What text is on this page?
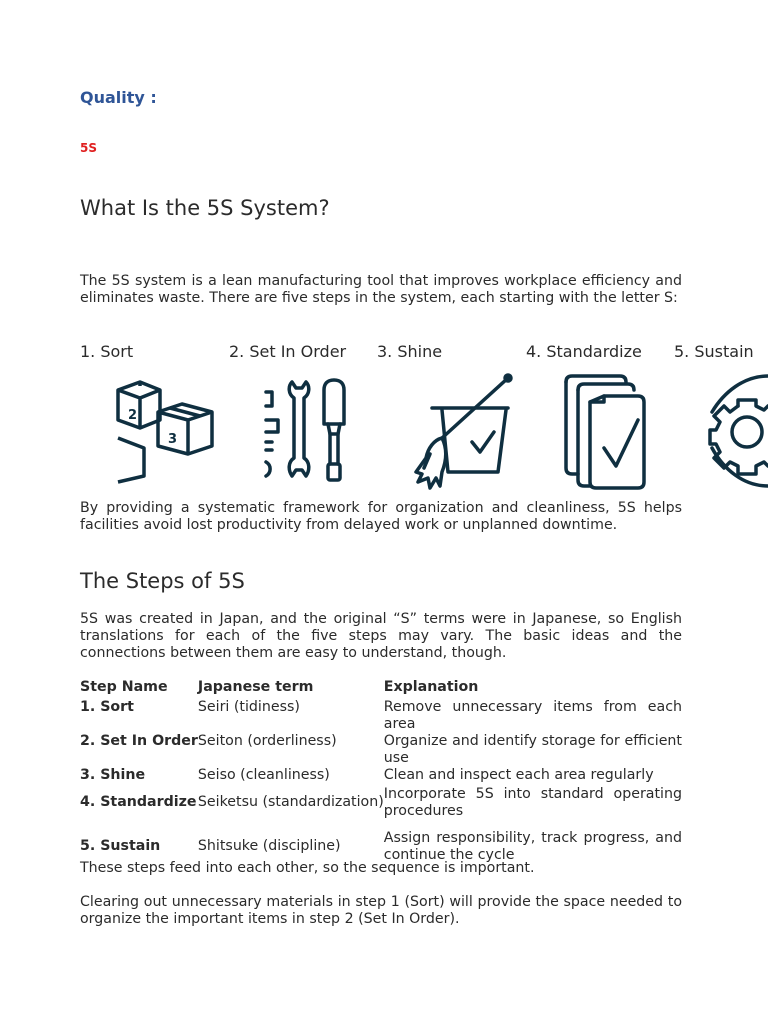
Quality :

5S

What Is the 5S System?

The 5S system is a lean manufacturing tool that improves workplace efficiency and eliminates waste. There are five steps in the system, each starting with the letter S:

1. Sort	2. Set In Order 3. Shine	4. Standardize 5. Sustain
2
3

By providing a systematic framework for organization and cleanliness, 5S helps facilities avoid lost productivity from delayed work or unplanned downtime.

The Steps of 5S

5S was created in Japan, and the original “S” terms were in Japanese, so English translations for each of the five steps may vary. The basic ideas and the connections between them are easy to understand, though.

Step Name	Japanese term	Explanation
1. Sort	Seiri (tidiness)	Remove unnecessary items from each area
2. Set In Order	Seiton (orderliness)	Organize and identify storage for efficient use
3. Shine	Seiso (cleanliness)	Clean and inspect each area regularly
4. Standardize	Seiketsu (standardization)	Incorporate 5S into standard operating procedures
5. Sustain	Shitsuke (discipline)	Assign responsibility, track progress, and continue the cycle

These steps feed into each other, so the sequence is important.

Clearing out unnecessary materials in step 1 (Sort) will provide the space needed to organize the important items in step 2 (Set In Order).
